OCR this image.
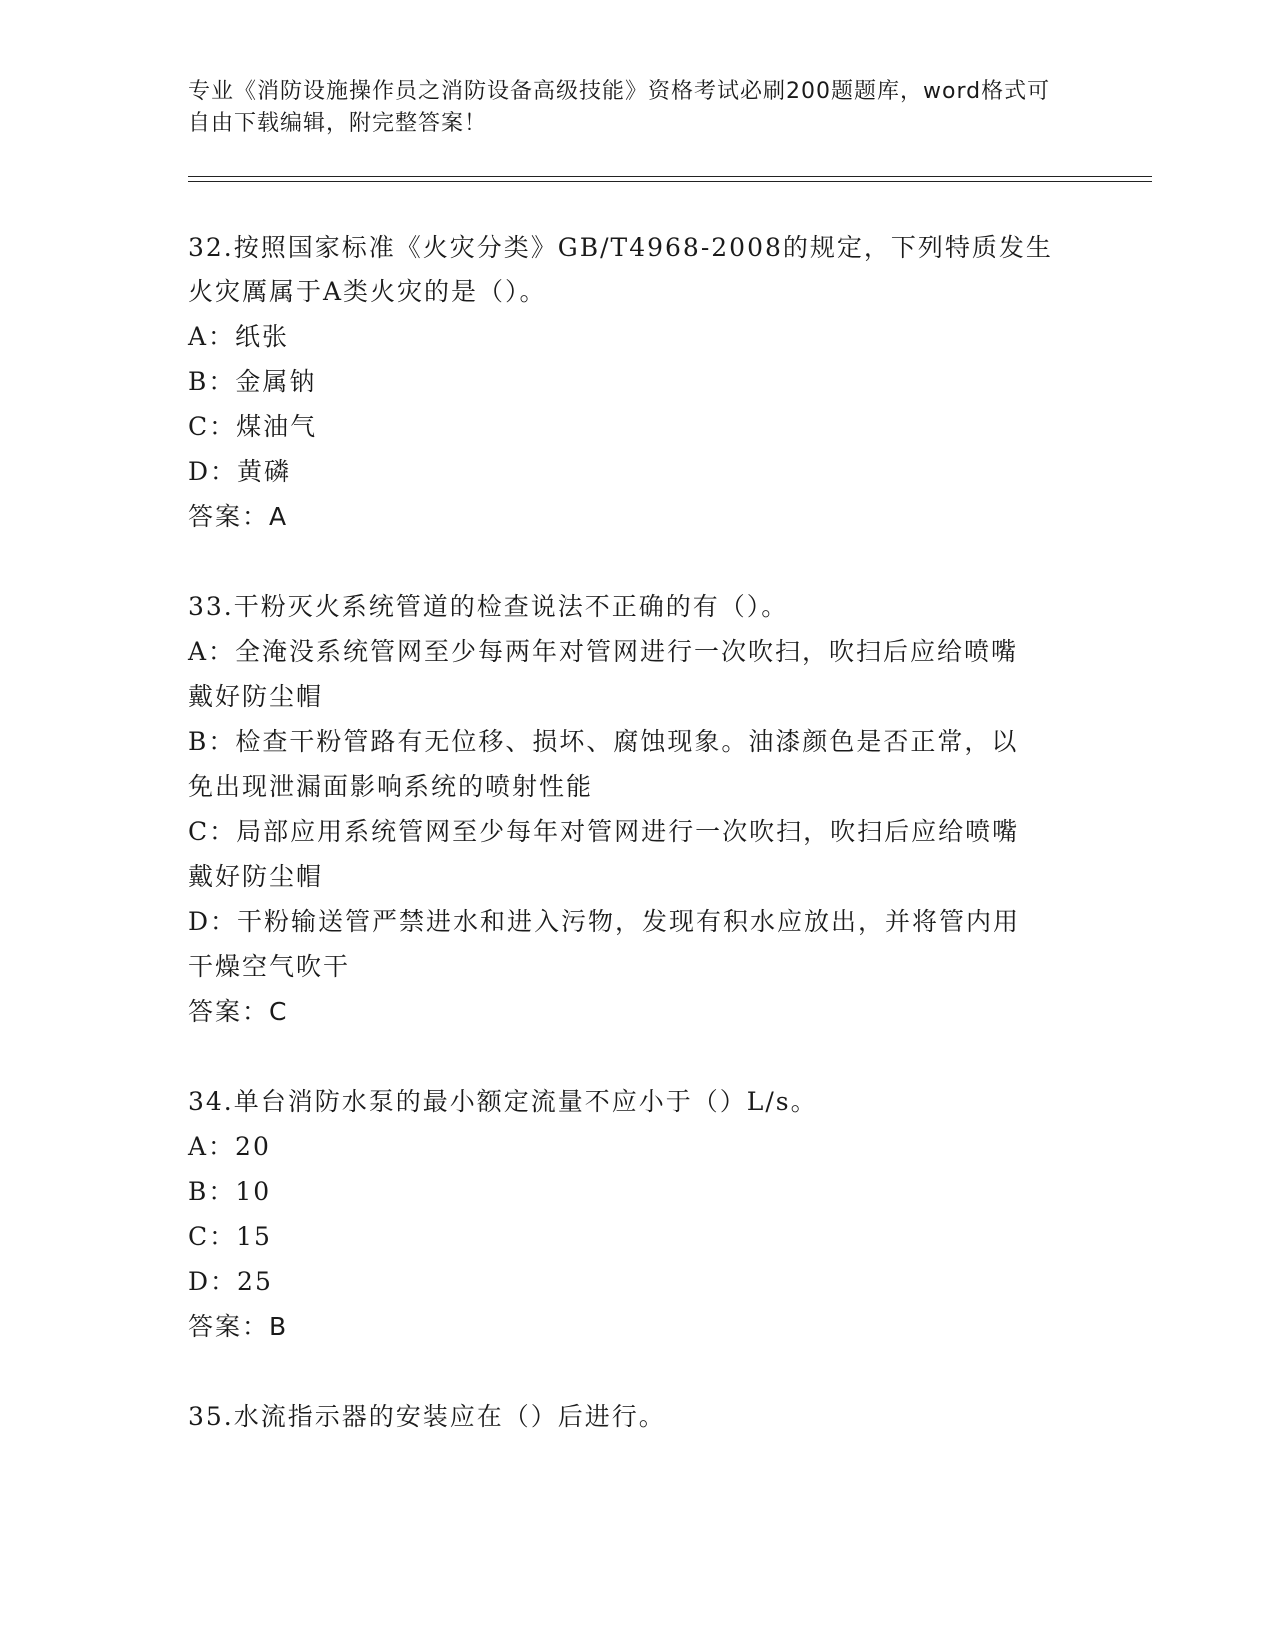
专业《消防设施操作员之消防设备高级技能》资格考试必刷200题题库，word格式可自由下载编辑，附完整答案！
32.按照国家标准《火灾分类》GB/T4968-2008的规定，下列特质发生
火灾厲属于A类火灾的是（）。
A：纸张
B：金属钠
C：煤油气
D：黄磷
答案：A
33.干粉灭火系统管道的检查说法不正确的有（）。
A：全淹没系统管网至少每两年对管网进行一次吹扫，吹扫后应给喷嘴
戴好防尘帽
B：检查干粉管路有无位移、损坏、腐蚀现象。油漆颜色是否正常，以
免出现泄漏面影响系统的喷射性能
C：局部应用系统管网至少每年对管网进行一次吹扫，吹扫后应给喷嘴
戴好防尘帽
D：干粉输送管严禁进水和进入污物，发现有积水应放出，并将管内用
干燥空气吹干
答案：C
34.单台消防水泵的最小额定流量不应小于（）L/s。
A：20
B：10
C：15
D：25
答案：B
35.水流指示器的安装应在（）后进行。
